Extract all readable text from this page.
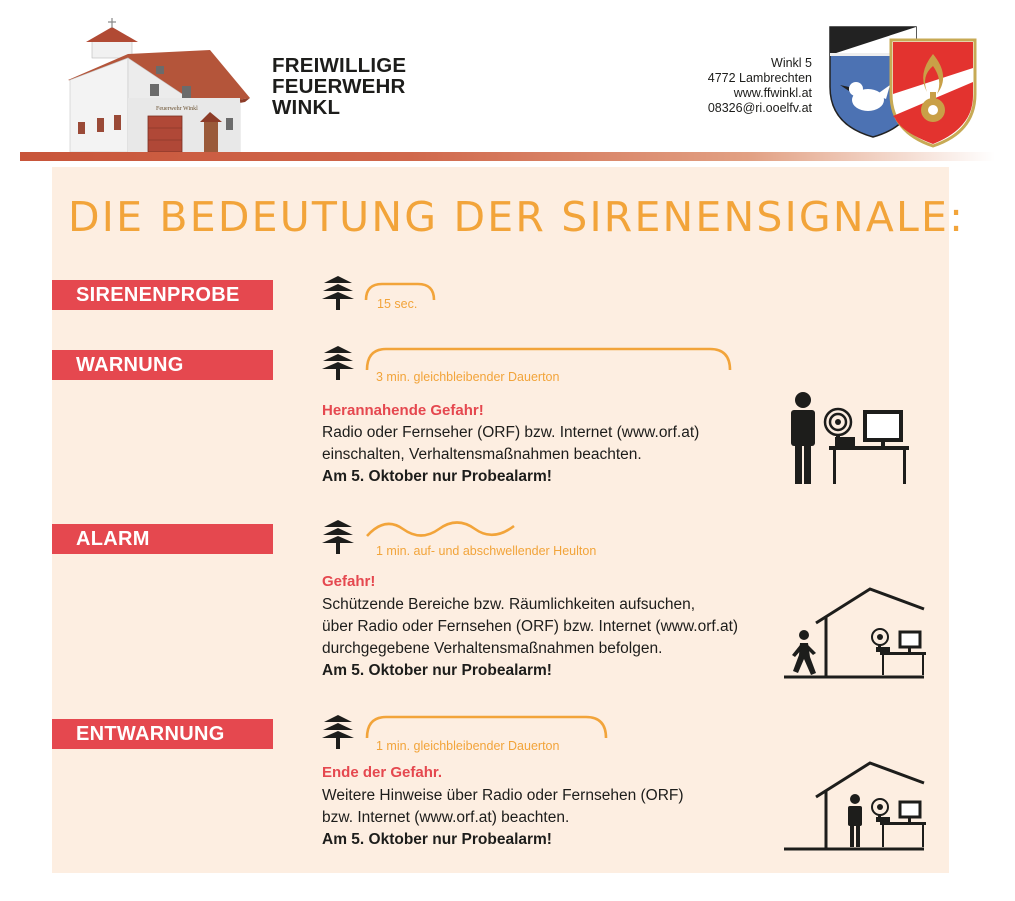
Feuerwehr Winkl
FREIWILLIGE
FEUERWEHR
WINKL
Winkl 5
4772 Lambrechten
www.ffwinkl.at
08326@ri.ooelfv.at
DIE BEDEUTUNG DER SIRENENSIGNALE:
SIRENENPROBE	15 sec.
WARNUNG
3 min. gleichbleibender Dauerton
Herannahende Gefahr!
Radio oder Fernseher (ORF) bzw. Internet (www.orf.at)
einschalten, Verhaltensmaßnahmen beachten.
Am 5. Oktober nur Probealarm!
ALARM
1 min. auf- und abschwellender Heulton
Gefahr!
Schützende Bereiche bzw. Räumlichkeiten aufsuchen,
über Radio oder Fernsehen (ORF) bzw. Internet (www.orf.at)
durchgegebene Verhaltensmaßnahmen befolgen.
Am 5. Oktober nur Probealarm!
ENTWARNUNG
1 min. gleichbleibender Dauerton
Ende der Gefahr.
Weitere Hinweise über Radio oder Fernsehen (ORF)
bzw. Internet (www.orf.at) beachten.
Am 5. Oktober nur Probealarm!
